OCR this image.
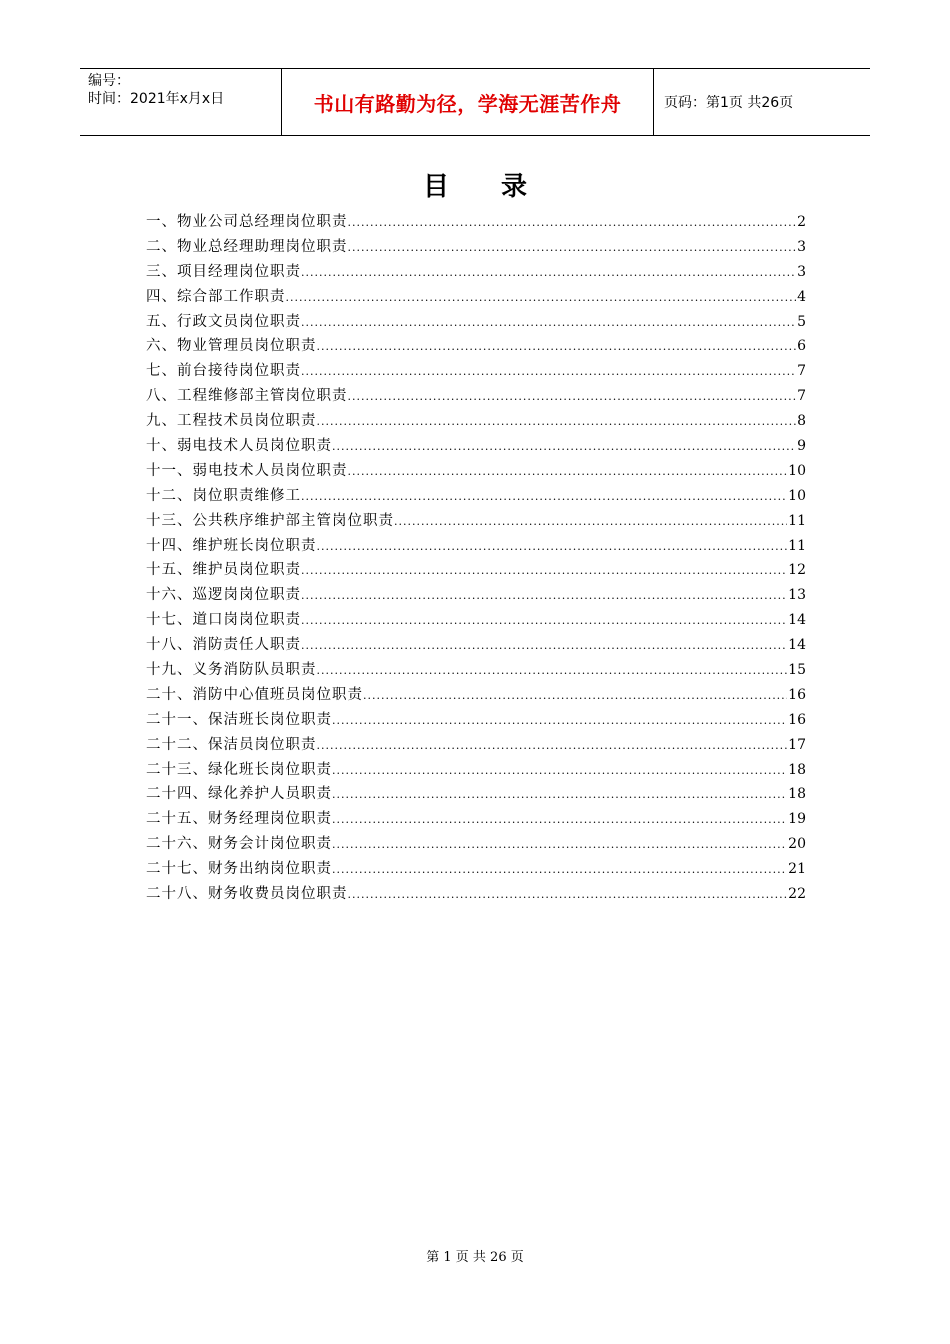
编号：
时间：2021年x月x日	书山有路勤为径，学海无涯苦作舟	页码：第1页 共26页
目录
一、物业公司总经理岗位职责 .....	2
二、物业总经理助理岗位职责 .....	3
三、项目经理岗位职责 .....	3
四、综合部工作职责 .....	4
五、行政文员岗位职责 .....	5
六、物业管理员岗位职责 .....	6
七、前台接待岗位职责 .....	7
八、工程维修部主管岗位职责 .....	7
九、工程技术员岗位职责 .....	8
十、弱电技术人员岗位职责 .....	9
十一、弱电技术人员岗位职责 .....	10
十二、岗位职责维修工 .....	10
十三、公共秩序维护部主管岗位职责 .....	11
十四、维护班长岗位职责 .....	11
十五、维护员岗位职责 .....	12
十六、巡逻岗岗位职责 .....	13
十七、道口岗岗位职责 .....	14
十八、消防责任人职责 .....	14
十九、义务消防队员职责 .....	15
二十、消防中心值班员岗位职责 .....	16
二十一、保洁班长岗位职责 .....	16
二十二、保洁员岗位职责 .....	17
二十三、绿化班长岗位职责 .....	18
二十四、绿化养护人员职责 .....	18
二十五、财务经理岗位职责 .....	19
二十六、财务会计岗位职责 .....	20
二十七、财务出纳岗位职责 .....	21
二十八、财务收费员岗位职责 .....	22
第 1 页 共 26 页
